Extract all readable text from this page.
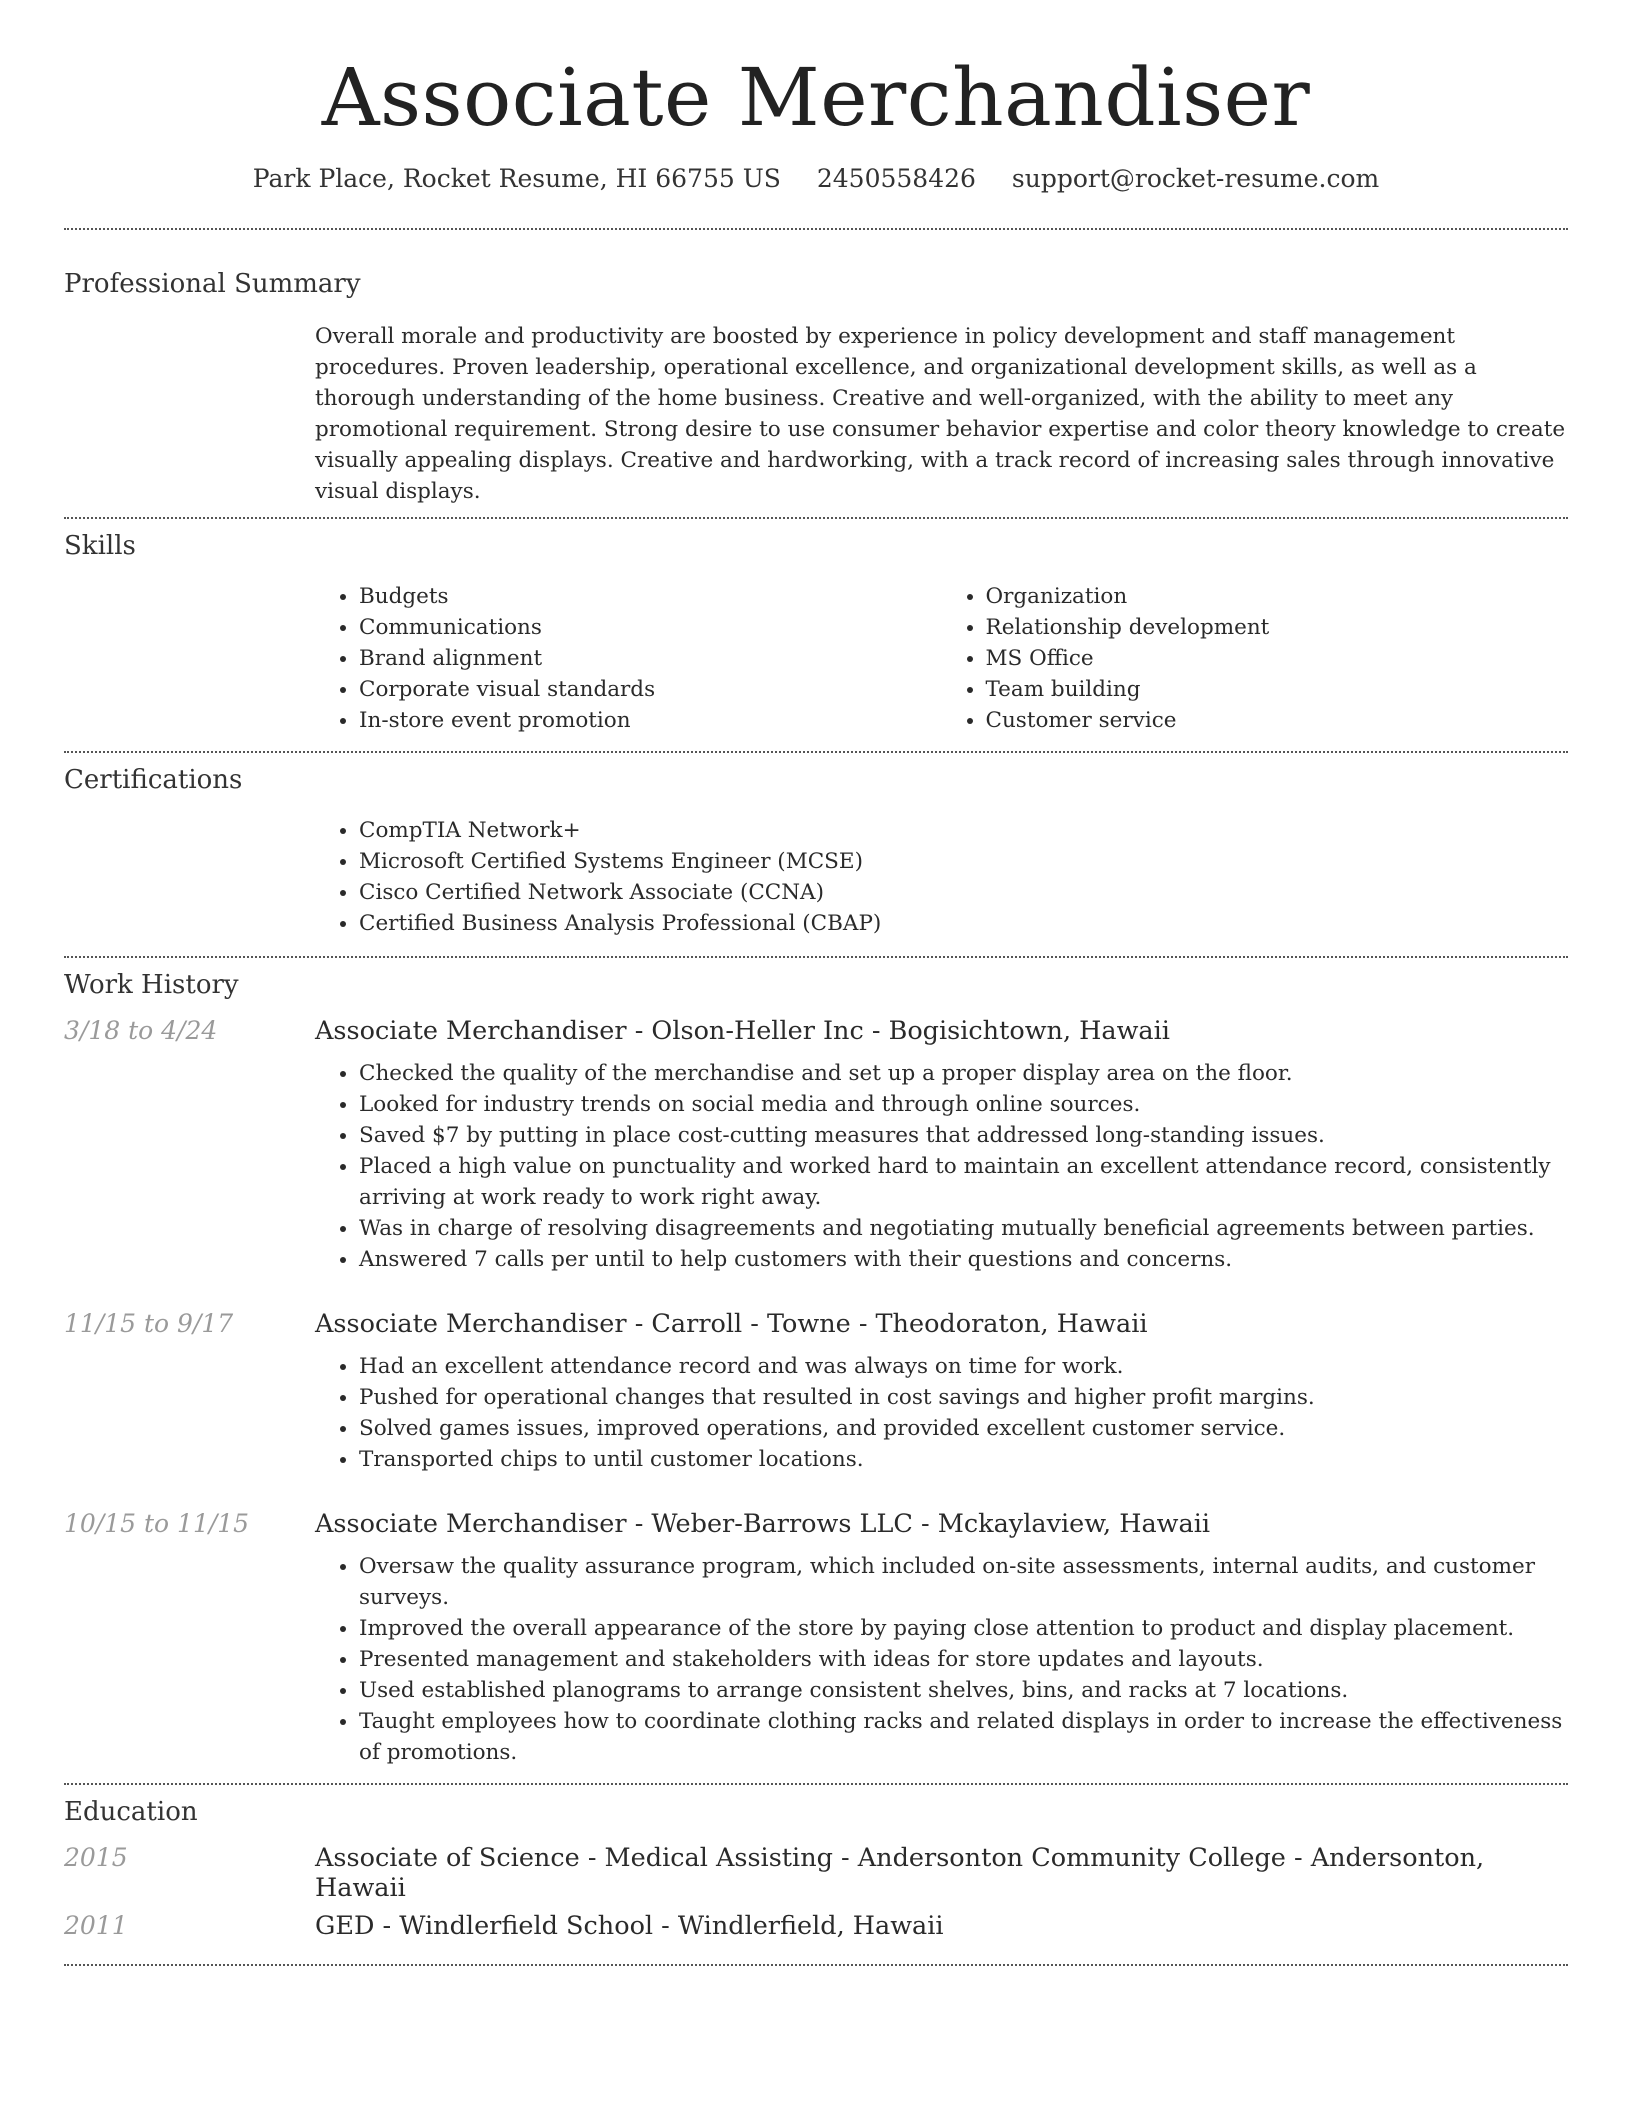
Associate Merchandiser
Park Place, Rocket Resume, HI 66755 US 2450558426 support@rocket-resume.com
Professional Summary
Overall morale and productivity are boosted by experience in policy development and staff management procedures. Proven leadership, operational excellence, and organizational development skills, as well as a thorough understanding of the home business. Creative and well-organized, with the ability to meet any promotional requirement. Strong desire to use consumer behavior expertise and color theory knowledge to create visually appealing displays. Creative and hardworking, with a track record of increasing sales through innovative visual displays.
Skills
• Budgets
• Communications
• Brand alignment
• Corporate visual standards
• In-store event promotion
• Organization
• Relationship development
• MS Office
• Team building
• Customer service
Certifications
• CompTIA Network+
• Microsoft Certified Systems Engineer (MCSE)
• Cisco Certified Network Associate (CCNA)
• Certified Business Analysis Professional (CBAP)
Work History
3/18 to 4/24	Associate Merchandiser - Olson-Heller Inc - Bogisichtown, Hawaii
• Checked the quality of the merchandise and set up a proper display area on the floor.
• Looked for industry trends on social media and through online sources.
• Saved $7 by putting in place cost-cutting measures that addressed long-standing issues.
• Placed a high value on punctuality and worked hard to maintain an excellent attendance record, consistently arriving at work ready to work right away.
• Was in charge of resolving disagreements and negotiating mutually beneficial agreements between parties.
• Answered 7 calls per until to help customers with their questions and concerns.
11/15 to 9/17	Associate Merchandiser - Carroll - Towne - Theodoraton, Hawaii
• Had an excellent attendance record and was always on time for work.
• Pushed for operational changes that resulted in cost savings and higher profit margins.
• Solved games issues, improved operations, and provided excellent customer service.
• Transported chips to until customer locations.
10/15 to 11/15	Associate Merchandiser - Weber-Barrows LLC - Mckaylaview, Hawaii
• Oversaw the quality assurance program, which included on-site assessments, internal audits, and customer surveys.
• Improved the overall appearance of the store by paying close attention to product and display placement.
• Presented management and stakeholders with ideas for store updates and layouts.
• Used established planograms to arrange consistent shelves, bins, and racks at 7 locations.
• Taught employees how to coordinate clothing racks and related displays in order to increase the effectiveness of promotions.
Education
2015	Associate of Science - Medical Assisting - Andersonton Community College - Andersonton, Hawaii
2011	GED - Windlerfield School - Windlerfield, Hawaii
